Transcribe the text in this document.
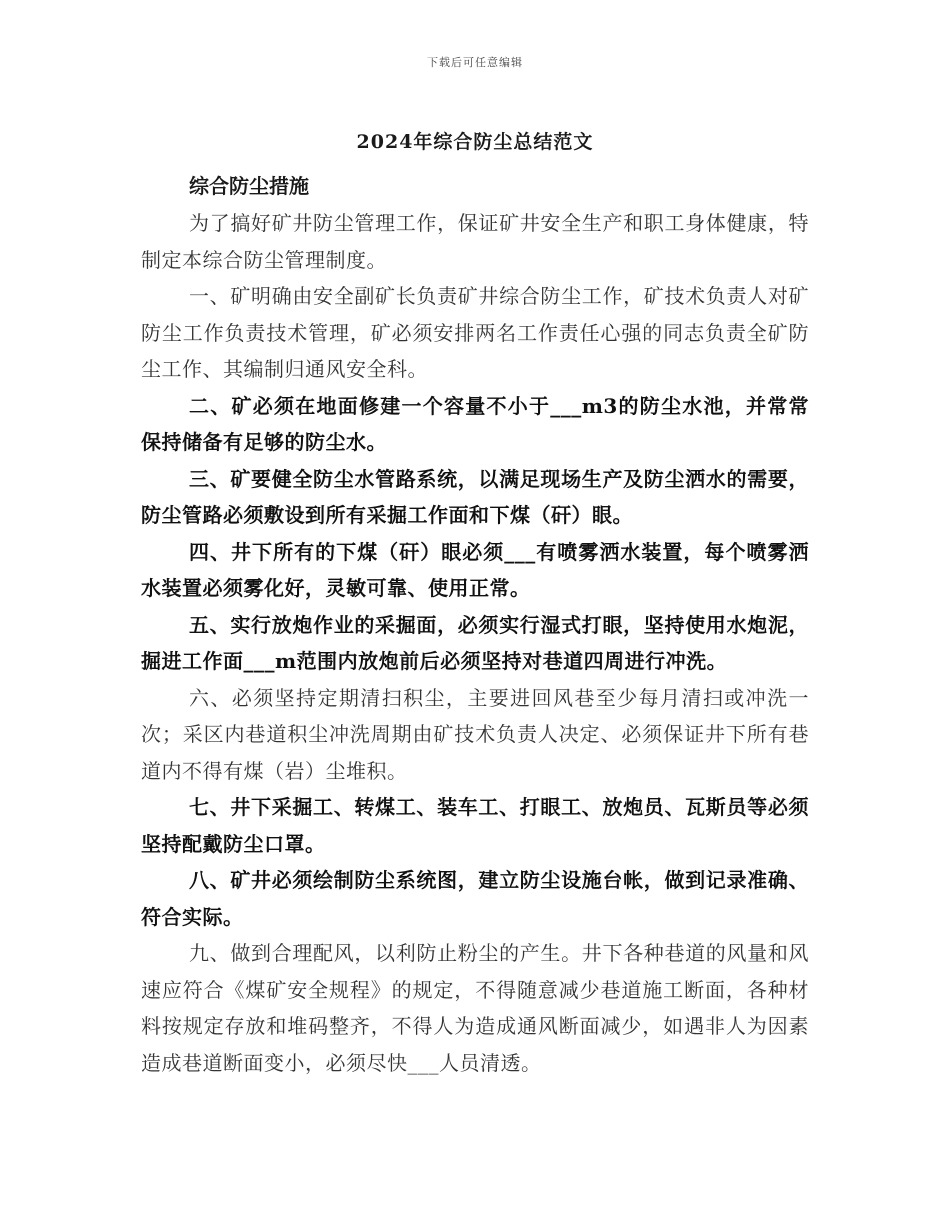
下载后可任意编辑
2024年综合防尘总结范文

综合防尘措施

为了搞好矿井防尘管理工作，保证矿井安全生产和职工身体健康，特制定本综合防尘管理制度。

一、矿明确由安全副矿长负责矿井综合防尘工作，矿技术负责人对矿防尘工作负责技术管理，矿必须安排两名工作责任心强的同志负责全矿防尘工作、其编制归通风安全科。

二、矿必须在地面修建一个容量不小于___m3的防尘水池，并常常保持储备有足够的防尘水。

三、矿要健全防尘水管路系统，以满足现场生产及防尘洒水的需要，防尘管路必须敷设到所有采掘工作面和下煤（矸）眼。

四、井下所有的下煤（矸）眼必须___有喷雾洒水装置，每个喷雾洒水装置必须雾化好，灵敏可靠、使用正常。

五、实行放炮作业的采掘面，必须实行湿式打眼，坚持使用水炮泥，掘进工作面___m范围内放炮前后必须坚持对巷道四周进行冲洗。

六、必须坚持定期清扫积尘，主要进回风巷至少每月清扫或冲洗一次；采区内巷道积尘冲洗周期由矿技术负责人决定、必须保证井下所有巷道内不得有煤（岩）尘堆积。

七、井下采掘工、转煤工、装车工、打眼工、放炮员、瓦斯员等必须坚持配戴防尘口罩。

八、矿井必须绘制防尘系统图，建立防尘设施台帐，做到记录准确、符合实际。

九、做到合理配风，以利防止粉尘的产生。井下各种巷道的风量和风速应符合《煤矿安全规程》的规定，不得随意减少巷道施工断面，各种材料按规定存放和堆码整齐，不得人为造成通风断面减少，如遇非人为因素造成巷道断面变小，必须尽快___人员清透。
